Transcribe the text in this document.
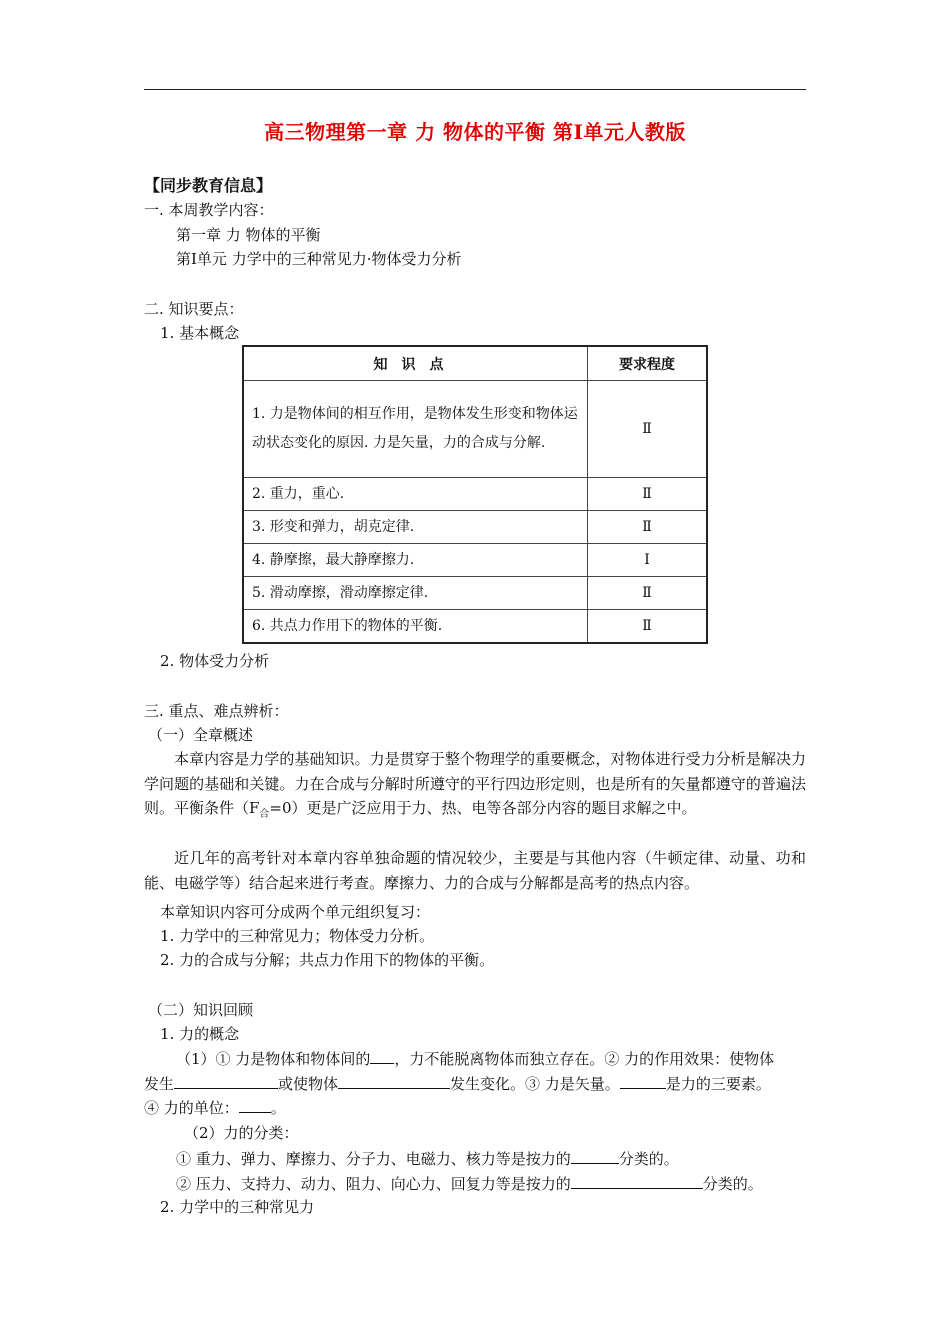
高三物理第一章 力 物体的平衡 第I单元人教版
【同步教育信息】
一. 本周教学内容：
第一章 力 物体的平衡
第I单元 力学中的三种常见力·物体受力分析
二. 知识要点：
1. 基本概念
知识点	要求程度
1. 力是物体间的相互作用，是物体发生形变和物体运动状态变化的原因. 力是矢量，力的合成与分解.	Ⅱ
2. 重力，重心.	Ⅱ
3. 形变和弹力，胡克定律.	Ⅱ
4. 静摩擦，最大静摩擦力.	Ⅰ
5. 滑动摩擦，滑动摩擦定律.	Ⅱ
6. 共点力作用下的物体的平衡.	Ⅱ
2. 物体受力分析
三. 重点、难点辨析：
（一）全章概述
本章内容是力学的基础知识。力是贯穿于整个物理学的重要概念，对物体进行受力分析是解决力学问题的基础和关键。力在合成与分解时所遵守的平行四边形定则，也是所有的矢量都遵守的普遍法则。平衡条件$(F_合=0)$更是广泛应用于力、热、电等各部分内容的题目求解之中。
近几年的高考针对本章内容单独命题的情况较少，主要是与其他内容（牛顿定律、动量、功和能、电磁学等）结合起来进行考查。摩擦力、力的合成与分解都是高考的热点内容。
本章知识内容可分成两个单元组织复习：
1. 力学中的三种常见力；物体受力分析。
2. 力的合成与分解；共点力作用下的物体的平衡。
（二）知识回顾
1. 力的概念
（1）① 力是物体和物体间的 ，力不能脱离物体而独立存在。② 力的作用效果：使物体
发生	或使物体	发生变化。③ 力是矢量。	是力的三要素。
④ 力的单位： 。
（2）力的分类：
① 重力、弹力、摩擦力、分子力、电磁力、核力等是按力的	分类的。
② 压力、支持力、动力、阻力、向心力、回复力等是按力的	分类的。
2. 力学中的三种常见力
